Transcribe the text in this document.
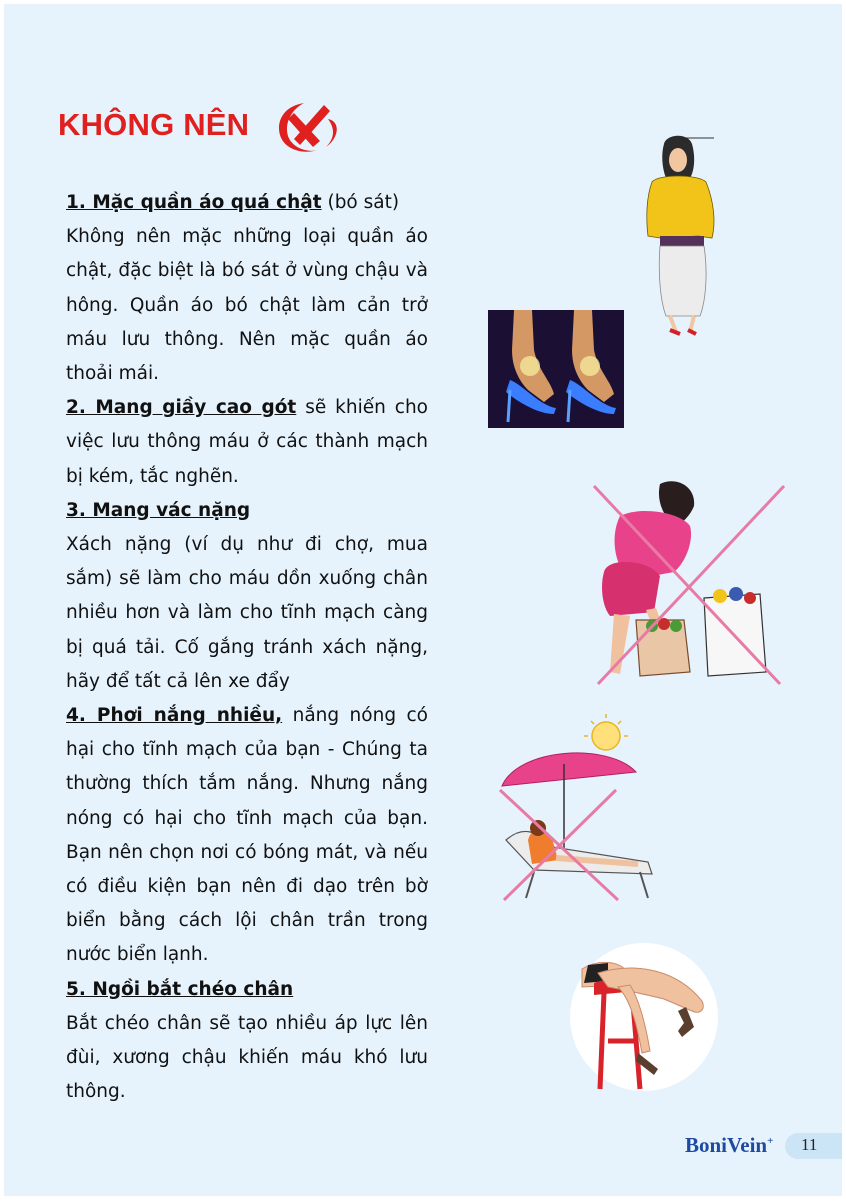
KHÔNG NÊN

1. Mặc quần áo quá chật (bó sát)

Không nên mặc những loại quần áo chật, đặc biệt là bó sát ở vùng chậu và hông. Quần áo bó chật làm cản trở máu lưu thông. Nên mặc quần áo thoải mái.

2. Mang giầy cao gót sẽ khiến cho việc lưu thông máu ở các thành mạch bị kém, tắc nghẽn.

3. Mang vác nặng

Xách nặng (ví dụ như đi chợ, mua sắm) sẽ làm cho máu dồn xuống chân nhiều hơn và làm cho tĩnh mạch càng bị quá tải. Cố gắng tránh xách nặng, hãy để tất cả lên xe đẩy

4. Phơi nắng nhiều, nắng nóng có hại cho tĩnh mạch của bạn - Chúng ta thường thích tắm nắng. Nhưng nắng nóng có hại cho tĩnh mạch của bạn. Bạn nên chọn nơi có bóng mát, và nếu có điều kiện bạn nên đi dạo trên bờ biển bằng cách lội chân trần trong nước biển lạnh.

5. Ngồi bắt chéo chân

Bắt chéo chân sẽ tạo nhiều áp lực lên đùi, xương chậu khiến máu khó lưu thông.

BoniVein+ 11
